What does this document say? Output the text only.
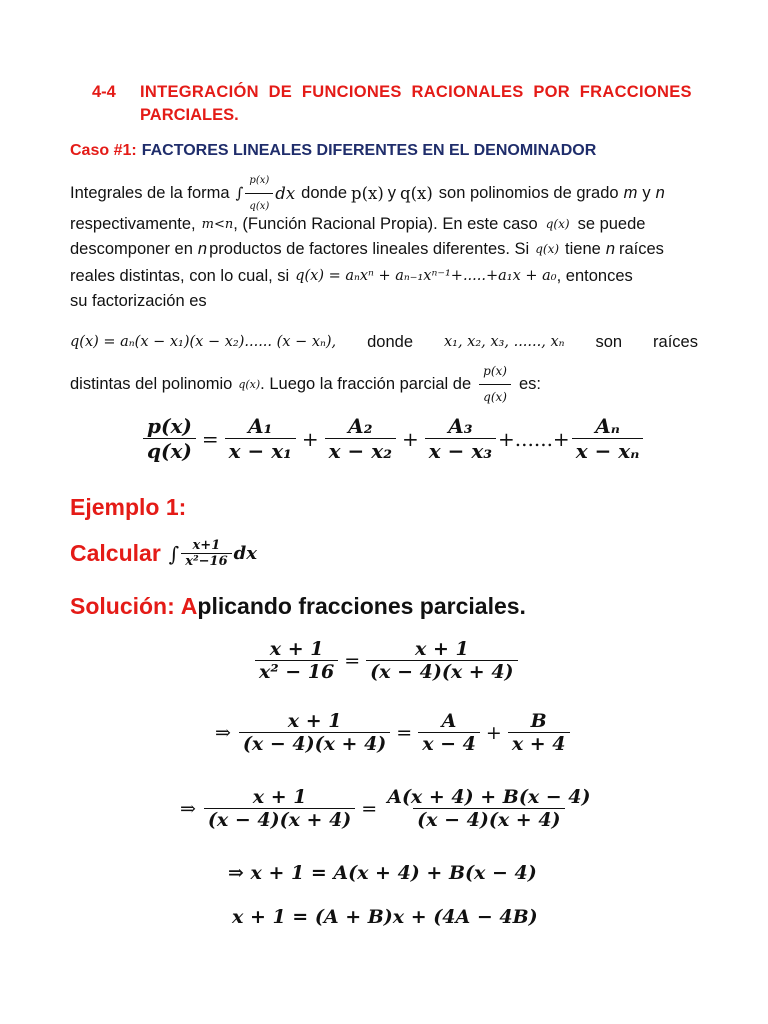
4-4	INTEGRACIÓN  DE  FUNCIONES  RACIONALES  POR  FRACCIONES
PARCIALES.
Caso #1: FACTORES LINEALES DIFERENTES EN EL DENOMINADOR
Integrales de la forma ∫ $\frac{p(x)}{q(x)}$ dx donde p(x) y q(x) son polinomios de grado m y n
respectivamente, m<n , (Función Racional Propia). En este caso q(x) se puede
descomponer en n productos de factores lineales diferentes. Si q(x) tiene n raíces
reales distintas, con lo cual, si q(x) = aₙxⁿ + aₙ₋₁xⁿ⁻¹+.....+a₁x + a₀ , entonces
su factorización es
q(x) = aₙ(x − x₁)(x − x₂)...... (x − xₙ), donde x₁, x₂, x₃, ......, xₙ son raíces
distintas del polinomio q(x) . Luego la fracción parcial de $\frac{p(x)}{q(x)}$ es:
$\frac{p(x)}{q(x)} = \frac{\text{A₁}}{\text{x − x₁}} + \frac{\text{A₂}}{\text{x − x₂}} + \frac{\text{A₃}}{\text{x − x₃}}$ +......+ $\frac{\text{Aₙ}}{\text{x − xₙ}}$
Ejemplo 1:
Calcular ∫ $\frac{x+1}{\text{x²−16}}$ dx
Solución: A plicando fracciones parciales.
$\frac{x + 1}{\text{x² − 16}} = \frac{x + 1}{(x - 4)(x + 4)}$
⇒ $\frac{x + 1}{(x - 4)(x + 4)} = \frac{A}{x - 4} + \frac{B}{x + 4}$
⇒ $\frac{x + 1}{(x - 4)(x + 4)} = \frac{A(x + 4) + B(x - 4)}{(x - 4)(x + 4)}$
⇒ x + 1 = A(x + 4) + B(x − 4)
x + 1 = (A + B)x + (4A − 4B)
